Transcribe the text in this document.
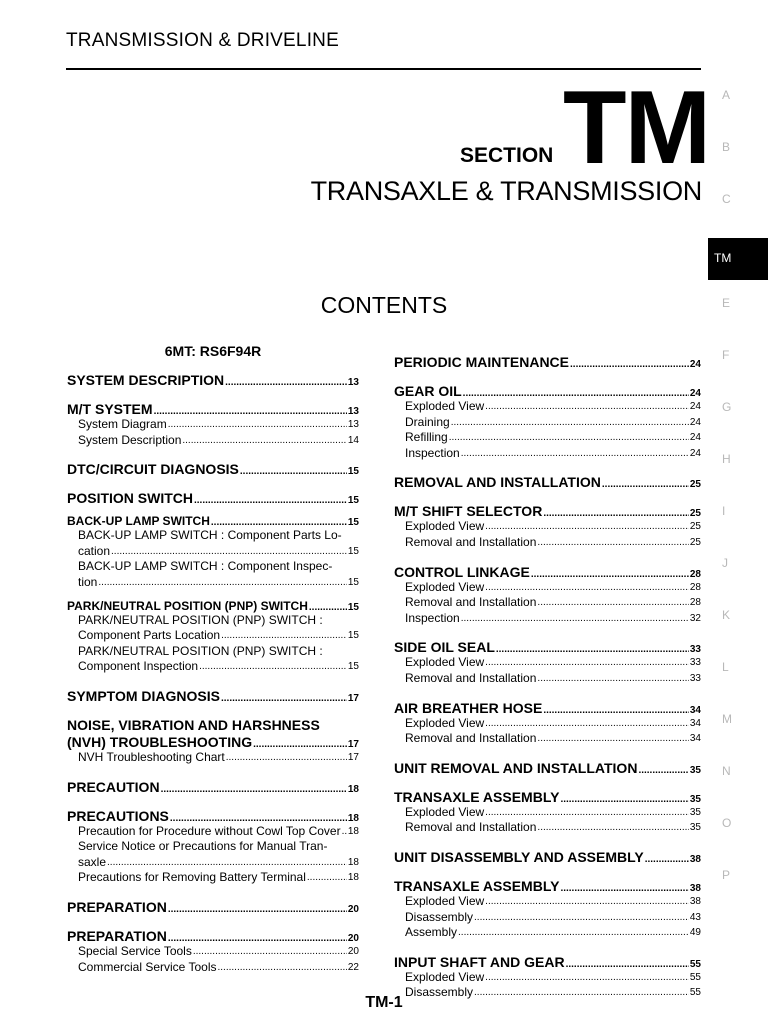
TRANSMISSION & DRIVELINE
SECTION TM
TRANSAXLE & TRANSMISSION
CONTENTS
A
B
C
TM
E
F
G
H
I
J
K
L
M
N
O
P
6MT: RS6F94R
SYSTEM DESCRIPTION .....	13
M/T SYSTEM .....	13
System Diagram .....	13
System Description .....	14
DTC/CIRCUIT DIAGNOSIS .....	15
POSITION SWITCH .....	15
BACK-UP LAMP SWITCH .....	15
BACK-UP LAMP SWITCH : Component Parts Lo-
cation .....	15
BACK-UP LAMP SWITCH : Component Inspec-
tion .....	15
PARK/NEUTRAL POSITION (PNP) SWITCH .....	15
PARK/NEUTRAL POSITION (PNP) SWITCH :
Component Parts Location .....	15
PARK/NEUTRAL POSITION (PNP) SWITCH :
Component Inspection .....	15
SYMPTOM DIAGNOSIS .....	17
NOISE, VIBRATION AND HARSHNESS
(NVH) TROUBLESHOOTING .....	17
NVH Troubleshooting Chart .....	17
PRECAUTION .....	18
PRECAUTIONS .....	18
Precaution for Procedure without Cowl Top Cover ..... 18
Service Notice or Precautions for Manual Tran-
saxle .....	18
Precautions for Removing Battery Terminal .....	18
PREPARATION .....	20
PREPARATION .....	20
Special Service Tools .....	20
Commercial Service Tools .....	22
PERIODIC MAINTENANCE .....	24
GEAR OIL .....	24
Exploded View .....	24
Draining .....	24
Refilling .....	24
Inspection .....	24
REMOVAL AND INSTALLATION .....	25
M/T SHIFT SELECTOR .....	25
Exploded View .....	25
Removal and Installation .....	25
CONTROL LINKAGE .....	28
Exploded View .....	28
Removal and Installation .....	28
Inspection .....	32
SIDE OIL SEAL .....	33
Exploded View .....	33
Removal and Installation .....	33
AIR BREATHER HOSE .....	34
Exploded View .....	34
Removal and Installation .....	34
UNIT REMOVAL AND INSTALLATION .....	35
TRANSAXLE ASSEMBLY .....	35
Exploded View .....	35
Removal and Installation .....	35
UNIT DISASSEMBLY AND ASSEMBLY .....	38
TRANSAXLE ASSEMBLY .....	38
Exploded View .....	38
Disassembly .....	43
Assembly .....	49
INPUT SHAFT AND GEAR .....	55
Exploded View .....	55
Disassembly .....	55
TM-1
